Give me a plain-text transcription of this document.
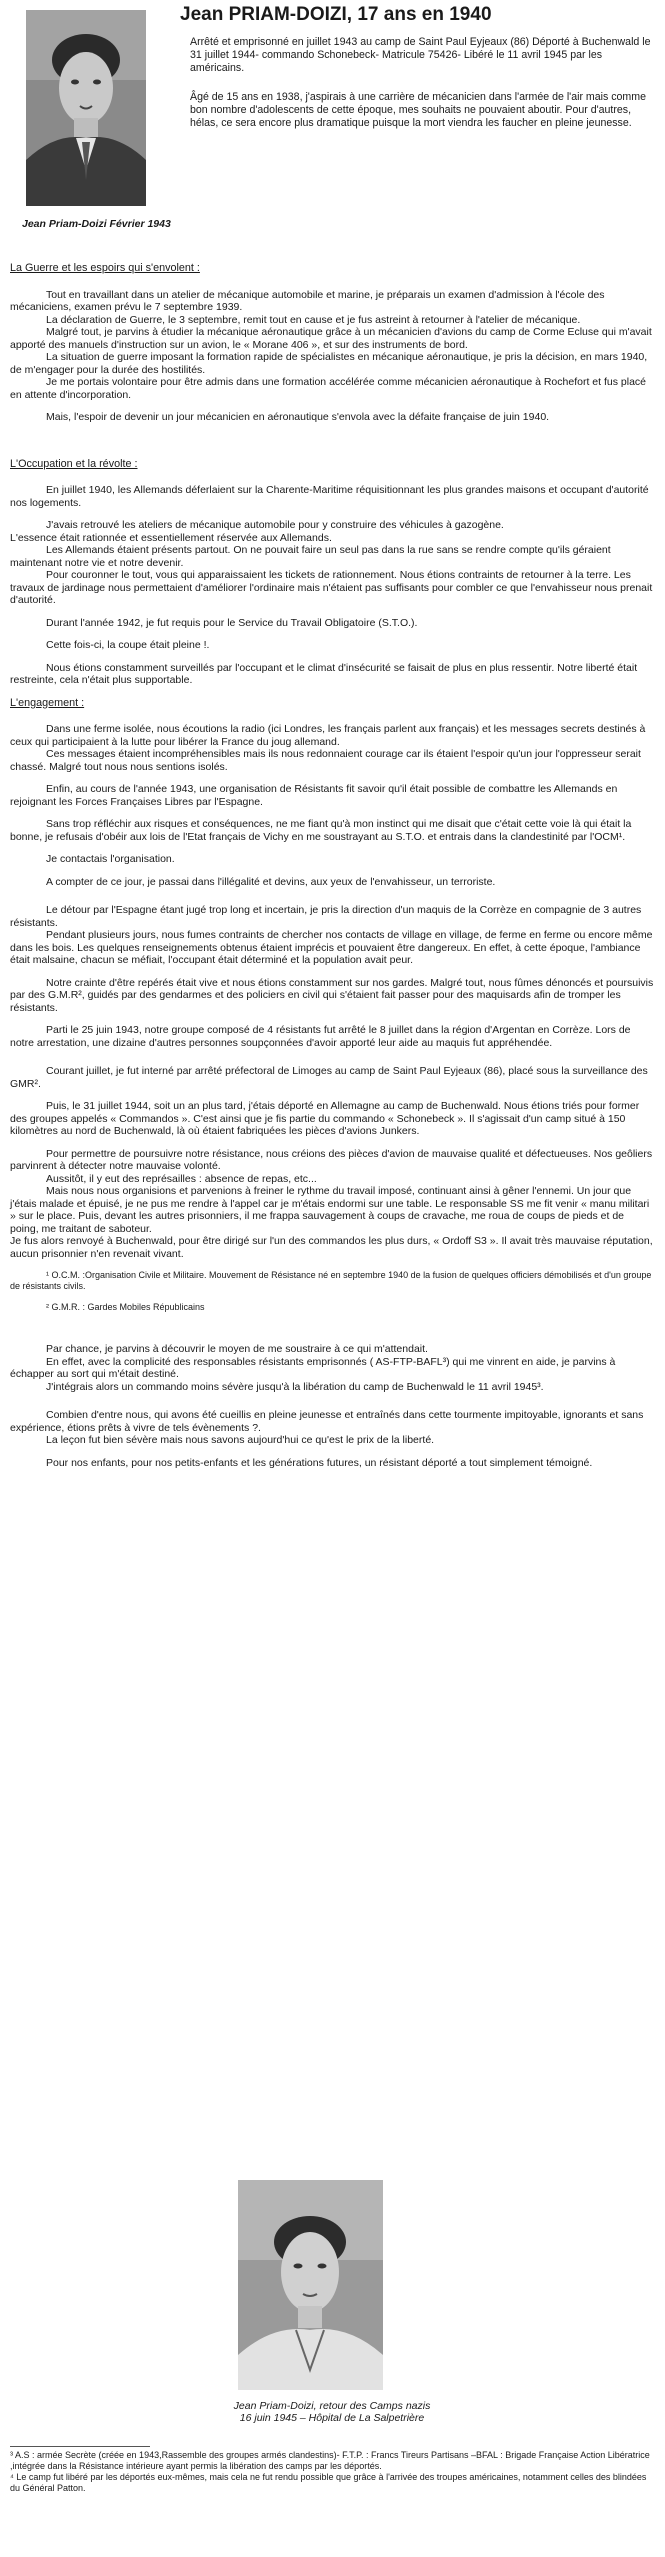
Jean Priam-Doizi Février 1943
Jean PRIAM-DOIZI, 17 ans en 1940

Arrêté et emprisonné en juillet 1943 au camp de Saint Paul Eyjeaux (86) Déporté à Buchenwald le 31 juillet 1944- commando Schonebeck- Matricule 75426- Libéré le 11 avril 1945 par les américains.

Âgé de 15 ans en 1938, j'aspirais à une carrière de mécanicien dans l'armée de l'air mais comme bon nombre d'adolescents de cette époque, mes souhaits ne pouvaient aboutir. Pour d'autres, hélas, ce sera encore plus dramatique puisque la mort viendra les faucher en pleine jeunesse.

La Guerre et les espoirs qui s'envolent :

Tout en travaillant dans un atelier de mécanique automobile et marine, je préparais un examen d'admission à l'école des mécaniciens, examen prévu le 7 septembre 1939.

La déclaration de Guerre, le 3 septembre, remit tout en cause et je fus astreint à retourner à l'atelier de mécanique.

Malgré tout, je parvins à étudier la mécanique aéronautique grâce à un mécanicien d'avions du camp de Corme Ecluse qui m'avait apporté des manuels d'instruction sur un avion, le « Morane 406 », et sur des instruments de bord.

La situation de guerre imposant la formation rapide de spécialistes en mécanique aéronautique, je pris la décision, en mars 1940, de m'engager pour la durée des hostilités.

Je me portais volontaire pour être admis dans une formation accélérée comme mécanicien aéronautique à Rochefort et fus placé en attente d'incorporation.

Mais, l'espoir de devenir un jour mécanicien en aéronautique s'envola avec la défaite française de juin 1940.

L'Occupation et la révolte :

En juillet 1940, les Allemands déferlaient sur la Charente-Maritime réquisitionnant les plus grandes maisons et occupant d'autorité nos logements.

J'avais retrouvé les ateliers de mécanique automobile pour y construire des véhicules à gazogène.

L'essence était rationnée et essentiellement réservée aux Allemands.

Les Allemands étaient présents partout. On ne pouvait faire un seul pas dans la rue sans se rendre compte qu'ils géraient maintenant notre vie et notre devenir.

Pour couronner le tout, vous qui apparaissaient les tickets de rationnement. Nous étions contraints de retourner à la terre. Les travaux de jardinage nous permettaient d'améliorer l'ordinaire mais n'étaient pas suffisants pour combler ce que l'envahisseur nous prenait d'autorité.

Durant l'année 1942, je fut requis pour le Service du Travail Obligatoire (S.T.O.).

Cette fois-ci, la coupe était pleine !.

Nous étions constamment surveillés par l'occupant et le climat d'insécurité se faisait de plus en plus ressentir. Notre liberté était restreinte, cela n'était plus supportable.

L'engagement :

Dans une ferme isolée, nous écoutions la radio (ici Londres, les français parlent aux français) et les messages secrets destinés à ceux qui participaient à la lutte pour libérer la France du joug allemand.

Ces messages étaient incompréhensibles mais ils nous redonnaient courage car ils étaient l'espoir qu'un jour l'oppresseur serait chassé. Malgré tout nous nous sentions isolés.

Enfin, au cours de l'année 1943, une organisation de Résistants fit savoir qu'il était possible de combattre les Allemands en rejoignant les Forces Françaises Libres par l'Espagne.

Sans trop réfléchir aux risques et conséquences, ne me fiant qu'à mon instinct qui me disait que c'était cette voie là qui était la bonne, je refusais d'obéir aux lois de l'Etat français de Vichy en me soustrayant au S.T.O. et entrais dans la clandestinité par l'OCM¹.

Je contactais l'organisation.

A compter de ce jour, je passai dans l'illégalité et devins, aux yeux de l'envahisseur, un terroriste.

Le détour par l'Espagne étant jugé trop long et incertain, je pris la direction d'un maquis de la Corrèze en compagnie de 3 autres résistants.

Pendant plusieurs jours, nous fumes contraints de chercher nos contacts de village en village, de ferme en ferme ou encore même dans les bois. Les quelques renseignements obtenus étaient imprécis et pouvaient être dangereux. En effet, à cette époque, l'ambiance était malsaine, chacun se méfiait, l'occupant était déterminé et la population avait peur.

Notre crainte d'être repérés était vive et nous étions constamment sur nos gardes. Malgré tout, nous fûmes dénoncés et poursuivis par des G.M.R², guidés par des gendarmes et des policiers en civil qui s'étaient fait passer pour des maquisards afin de tromper les résistants.

Parti le 25 juin 1943, notre groupe composé de 4 résistants fut arrêté le 8 juillet dans la région d'Argentan en Corrèze. Lors de notre arrestation, une dizaine d'autres personnes soupçonnées d'avoir apporté leur aide au maquis fut appréhendée.

Courant juillet, je fut interné par arrêté préfectoral de Limoges au camp de Saint Paul Eyjeaux (86), placé sous la surveillance des GMR².

Puis, le 31 juillet 1944, soit un an plus tard, j'étais déporté en Allemagne au camp de Buchenwald. Nous étions triés pour former des groupes appelés « Commandos ». C'est ainsi que je fis partie du commando « Schonebeck ». Il s'agissait d'un camp situé à 150 kilomètres au nord de Buchenwald, là où étaient fabriquées les pièces d'avions Junkers.

Pour permettre de poursuivre notre résistance, nous créions des pièces d'avion de mauvaise qualité et défectueuses. Nos geôliers parvinrent à détecter notre mauvaise volonté.

Aussitôt, il y eut des représailles : absence de repas, etc...

Mais nous nous organisions et parvenions à freiner le rythme du travail imposé, continuant ainsi à gêner l'ennemi. Un jour que j'étais malade et épuisé, je ne pus me rendre à l'appel car je m'étais endormi sur une table. Le responsable SS me fit venir « manu militari » sur le place. Puis, devant les autres prisonniers, il me frappa sauvagement à coups de cravache, me roua de coups de pieds et de poing, me traitant de saboteur.

Je fus alors renvoyé à Buchenwald, pour être dirigé sur l'un des commandos les plus durs, « Ordoff S3 ». Il avait très mauvaise réputation, aucun prisonnier n'en revenait vivant.

¹ O.C.M. :Organisation Civile et Militaire. Mouvement de Résistance né en septembre 1940 de la fusion de quelques officiers démobilisés et d'un groupe de résistants civils.

² G.M.R. : Gardes Mobiles Républicains

Par chance, je parvins à découvrir le moyen de me soustraire à ce qui m'attendait.

En effet, avec la complicité des responsables résistants emprisonnés ( AS-FTP-BAFL³) qui me vinrent en aide, je parvins à échapper au sort qui m'était destiné.

J'intégrais alors un commando moins sévère jusqu'à la libération du camp de Buchenwald le 11 avril 1945³.

Combien d'entre nous, qui avons été cueillis en pleine jeunesse et entraînés dans cette tourmente impitoyable, ignorants et sans expérience, étions prêts à vivre de tels évènements ?.

La leçon fut bien sévère mais nous savons aujourd'hui ce qu'est le prix de la liberté.

Pour nos enfants, pour nos petits-enfants et les générations futures, un résistant déporté a tout simplement témoigné.

Jean Priam-Doizi, retour des Camps nazis
16 juin 1945 – Hôpital de La Salpetrière

³ A.S : armée Secrète (créée en 1943,Rassemble des groupes armés clandestins)- F.T.P. : Francs Tireurs Partisans –BFAL : Brigade Française Action Libératrice ,intégrée dans la Résistance intérieure ayant permis la libération des camps par les déportés.

⁴ Le camp fut libéré par les déportés eux-mêmes, mais cela ne fut rendu possible que grâce à l'arrivée des troupes américaines, notamment celles des blindées du Général Patton.
